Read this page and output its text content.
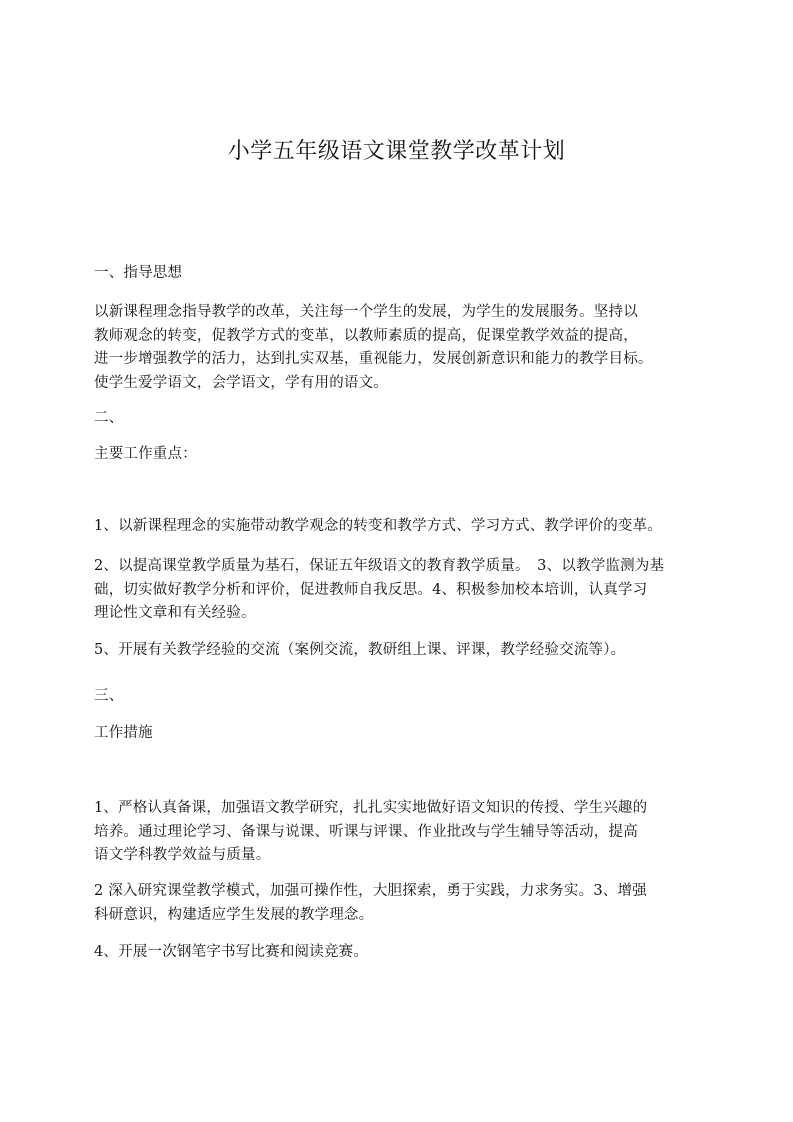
小学五年级语文课堂教学改革计划

一、指导思想

以新课程理念指导教学的改革，关注每一个学生的发展，为学生的发展服务。坚持以
教师观念的转变，促教学方式的变革，以教师素质的提高，促课堂教学效益的提高，
进一步增强教学的活力，达到扎实双基，重视能力，发展创新意识和能力的教学目标。
使学生爱学语文，会学语文，学有用的语文。

二、

主要工作重点：

1、以新课程理念的实施带动教学观念的转变和教学方式、学习方式、教学评价的变革。

2、以提高课堂教学质量为基石，保证五年级语文的教育教学质量。　3、以教学监测为基
础，切实做好教学分析和评价，促进教师自我反思。4、积极参加校本培训，认真学习
理论性文章和有关经验。

5、开展有关教学经验的交流（案例交流，教研组上课、评课，教学经验交流等）。

三、

工作措施

1、严格认真备课，加强语文教学研究，扎扎实实地做好语文知识的传授、学生兴趣的
培养。通过理论学习、备课与说课、听课与评课、作业批改与学生辅导等活动，提高
语文学科教学效益与质量。

2 深入研究课堂教学模式，加强可操作性，大胆探索，勇于实践，力求务实。3、增强
科研意识，构建适应学生发展的教学理念。

4、开展一次钢笔字书写比赛和阅读竞赛。
